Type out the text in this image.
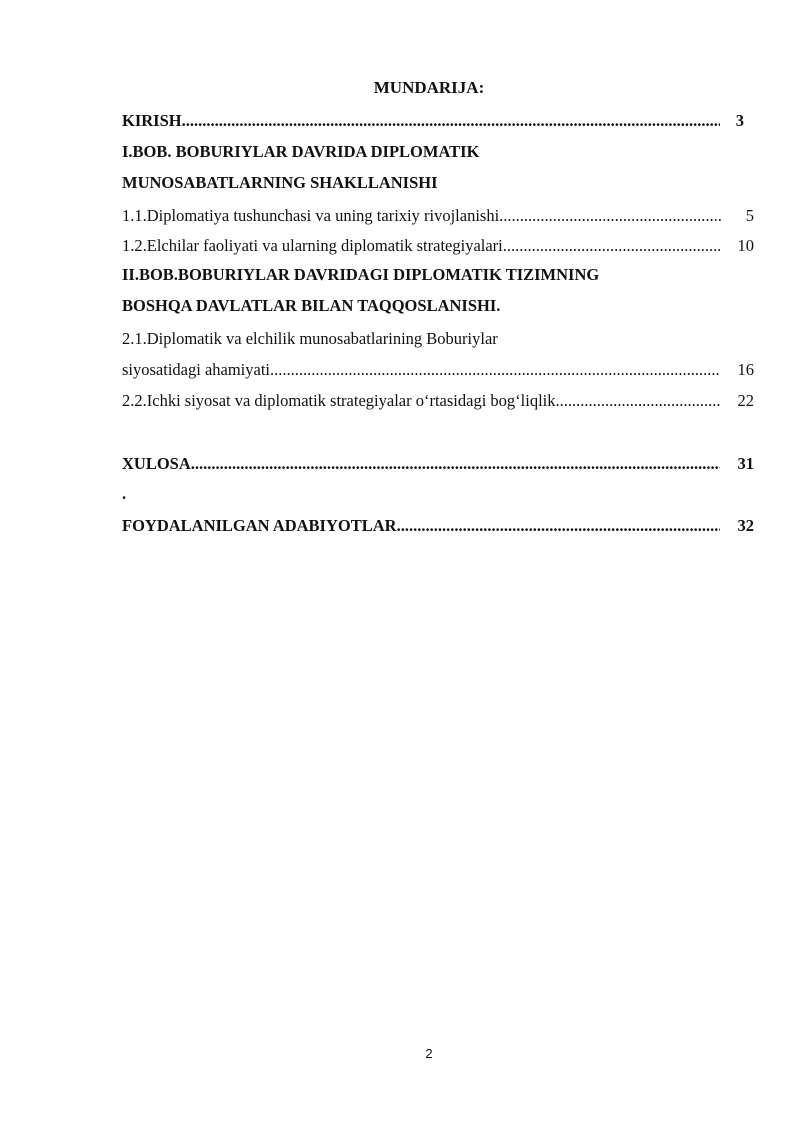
MUNDARIJA:
KIRISH .....	3
I.BOB. BOBURIYLAR DAVRIDA DIPLOMATIK
MUNOSABATLARNING SHAKLLANISHI
1.1.Diplomatiya tushunchasi va uning tarixiy rivojlanishi .....	5
1.2.Elchilar faoliyati va ularning diplomatik strategiyalari .....	10
II.BOB.BOBURIYLAR DAVRIDAGI DIPLOMATIK TIZIMNING
BOSHQA DAVLATLAR BILAN TAQQOSLANISHI.
2.1.Diplomatik va elchilik munosabatlarining Boburiylar
siyosatidagi ahamiyati .....	16
2.2.Ichki siyosat va diplomatik strategiyalar o‘rtasidagi bog‘liqlik .....	22
XULOSA .....	31
.
FOYDALANILGAN ADABIYOTLAR .....	32
2
